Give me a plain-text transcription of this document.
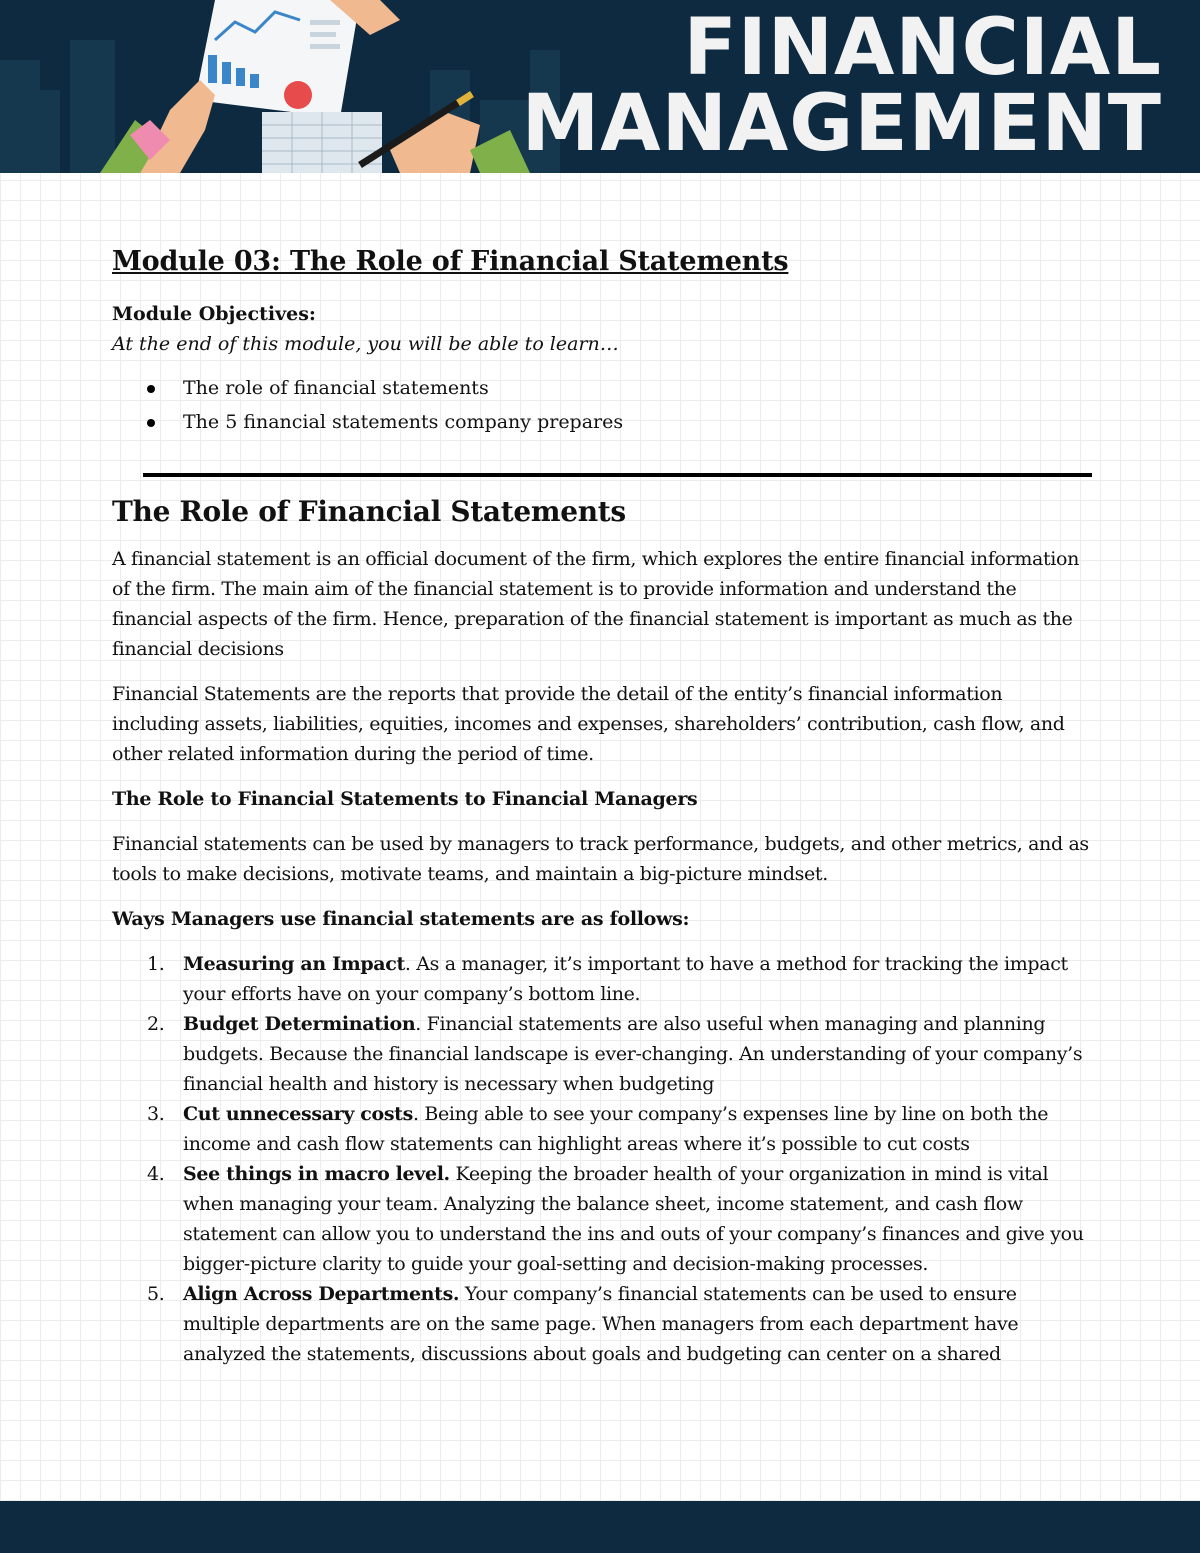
FINANCIAL
MANAGEMENT
Module 03: The Role of Financial Statements

Module Objectives:

At the end of this module, you will be able to learn…

The role of financial statements
The 5 financial statements company prepares
The Role of Financial Statements

A financial statement is an official document of the firm, which explores the entire financial information of the firm. The main aim of the financial statement is to provide information and understand the financial aspects of the firm. Hence, preparation of the financial statement is important as much as the financial decisions

Financial Statements are the reports that provide the detail of the entity’s financial information including assets, liabilities, equities, incomes and expenses, shareholders’ contribution, cash flow, and other related information during the period of time.

The Role to Financial Statements to Financial Managers

Financial statements can be used by managers to track performance, budgets, and other metrics, and as tools to make decisions, motivate teams, and maintain a big-picture mindset.

Ways Managers use financial statements are as follows:

1. Measuring an Impact. As a manager, it’s important to have a method for tracking the impact your efforts have on your company’s bottom line.
2. Budget Determination. Financial statements are also useful when managing and planning budgets. Because the financial landscape is ever-changing. An understanding of your company’s financial health and history is necessary when budgeting
3. Cut unnecessary costs. Being able to see your company’s expenses line by line on both the income and cash flow statements can highlight areas where it’s possible to cut costs
4. See things in macro level. Keeping the broader health of your organization in mind is vital when managing your team. Analyzing the balance sheet, income statement, and cash flow statement can allow you to understand the ins and outs of your company’s finances and give you bigger-picture clarity to guide your goal-setting and decision-making processes.
5. Align Across Departments. Your company’s financial statements can be used to ensure multiple departments are on the same page. When managers from each department have analyzed the statements, discussions about goals and budgeting can center on a shared
